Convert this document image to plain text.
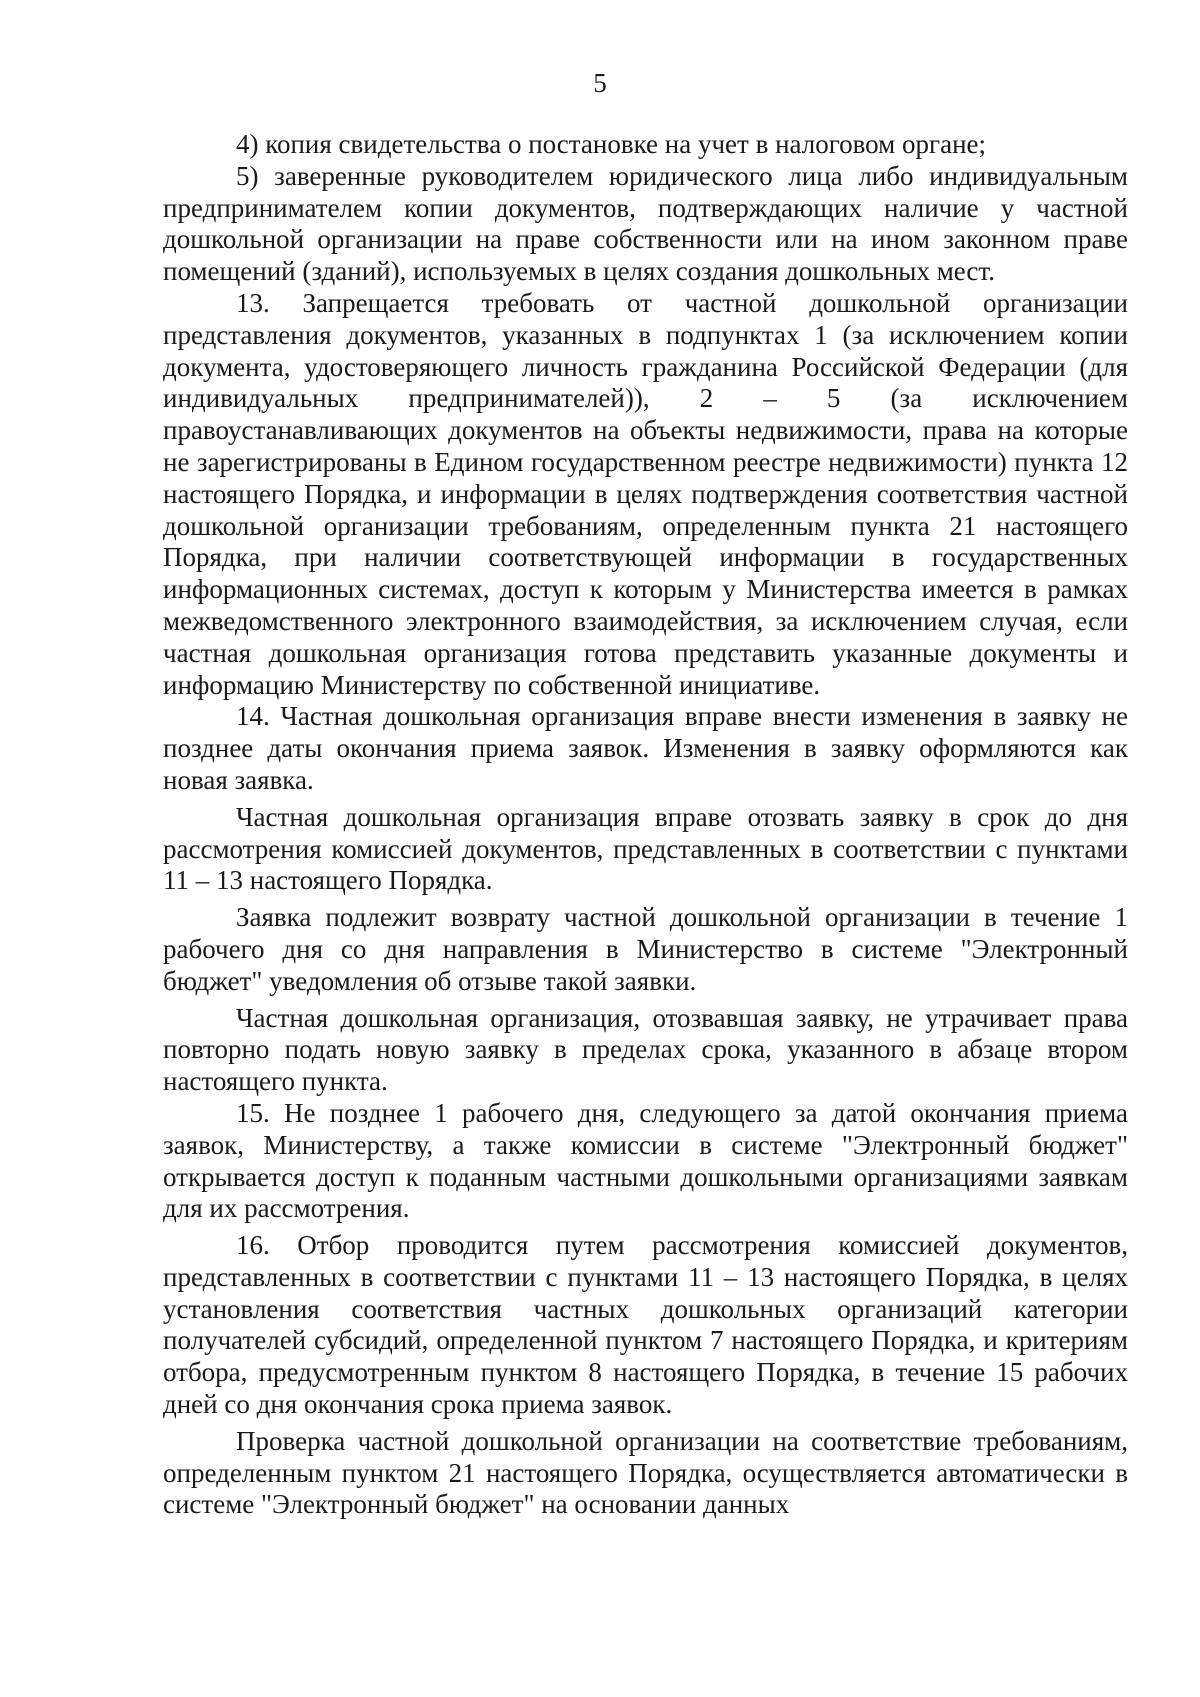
5

4) копия свидетельства о постановке на учет в налоговом органе;

5) заверенные руководителем юридического лица либо индивидуальным предпринимателем копии документов, подтверждающих наличие у частной дошкольной организации на праве собственности или на ином законном праве помещений (зданий), используемых в целях создания дошкольных мест.

13. Запрещается требовать от частной дошкольной организации представления документов, указанных в подпунктах 1 (за исключением копии документа, удостоверяющего личность гражданина Российской Федерации (для индивидуальных предпринимателей)), 2 – 5 (за исключением правоустанавливающих документов на объекты недвижимости, права на которые не зарегистрированы в Едином государственном реестре недвижимости) пункта 12 настоящего Порядка, и информации в целях подтверждения соответствия частной дошкольной организации требованиям, определенным пункта 21 настоящего Порядка, при наличии соответствующей информации в государственных информационных системах, доступ к которым у Министерства имеется в рамках межведомственного электронного взаимодействия, за исключением случая, если частная дошкольная организация готова представить указанные документы и информацию Министерству по собственной инициативе.

14. Частная дошкольная организация вправе внести изменения в заявку не позднее даты окончания приема заявок. Изменения в заявку оформляются как новая заявка.

Частная дошкольная организация вправе отозвать заявку в срок до дня рассмотрения комиссией документов, представленных в соответствии с пунктами 11 – 13 настоящего Порядка.

Заявка подлежит возврату частной дошкольной организации в течение 1 рабочего дня со дня направления в Министерство в системе "Электронный бюджет" уведомления об отзыве такой заявки.

Частная дошкольная организация, отозвавшая заявку, не утрачивает права повторно подать новую заявку в пределах срока, указанного в абзаце втором настоящего пункта.

15. Не позднее 1 рабочего дня, следующего за датой окончания приема заявок, Министерству, а также комиссии в системе "Электронный бюджет" открывается доступ к поданным частными дошкольными организациями заявкам для их рассмотрения.

16. Отбор проводится путем рассмотрения комиссией документов, представленных в соответствии с пунктами 11 – 13 настоящего Порядка, в целях установления соответствия частных дошкольных организаций категории получателей субсидий, определенной пунктом 7 настоящего Порядка, и критериям отбора, предусмотренным пунктом 8 настоящего Порядка, в течение 15 рабочих дней со дня окончания срока приема заявок.

Проверка частной дошкольной организации на соответствие требованиям, определенным пунктом 21 настоящего Порядка, осуществляется автоматически в системе "Электронный бюджет" на основании данных
